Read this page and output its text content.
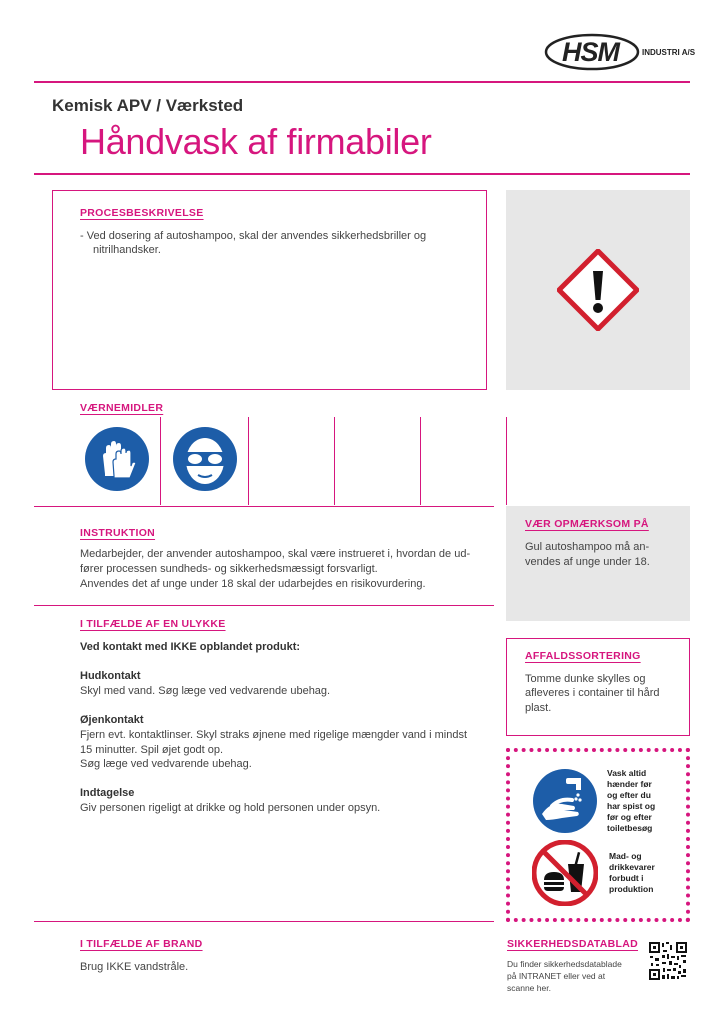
HSM	INDUSTRI A/S
Kemisk APV / Værksted
Håndvask af firmabiler
PROCESBESKRIVELSE
- Ved dosering af autoshampoo, skal der anvendes sikkerhedsbriller og
nitrilhandsker.
VÆRNEMIDLER
INSTRUKTION
Medarbejder, der anvender autoshampoo, skal være instrueret i, hvordan de ud-
fører processen sundheds- og sikkerhedsmæssigt forsvarligt.
Anvendes det af unge under 18 skal der udarbejdes en risikovurdering.
VÆR OPMÆRKSOM PÅ
Gul autoshampoo må an-
vendes af unge under 18.
I TILFÆLDE AF EN ULYKKE
Ved kontakt med IKKE opblandet produkt:
Hudkontakt
Skyl med vand. Søg læge ved vedvarende ubehag.
Øjenkontakt
Fjern evt. kontaktlinser. Skyl straks øjnene med rigelige mængder vand i mindst
15 minutter. Spil øjet godt op.
Søg læge ved vedvarende ubehag.
Indtagelse
Giv personen rigeligt at drikke og hold personen under opsyn.
AFFALDSSORTERING
Tomme dunke skylles og
afleveres i container til hård
plast.
Vask altid
hænder før
og efter du
har spist og
før og efter
toiletbesøg
Mad- og
drikkevarer
forbudt i
produktion
I TILFÆLDE AF BRAND
Brug IKKE vandstråle.
SIKKERHEDSDATABLAD
Du finder sikkerhedsdatablade
på INTRANET eller ved at
scanne her.
